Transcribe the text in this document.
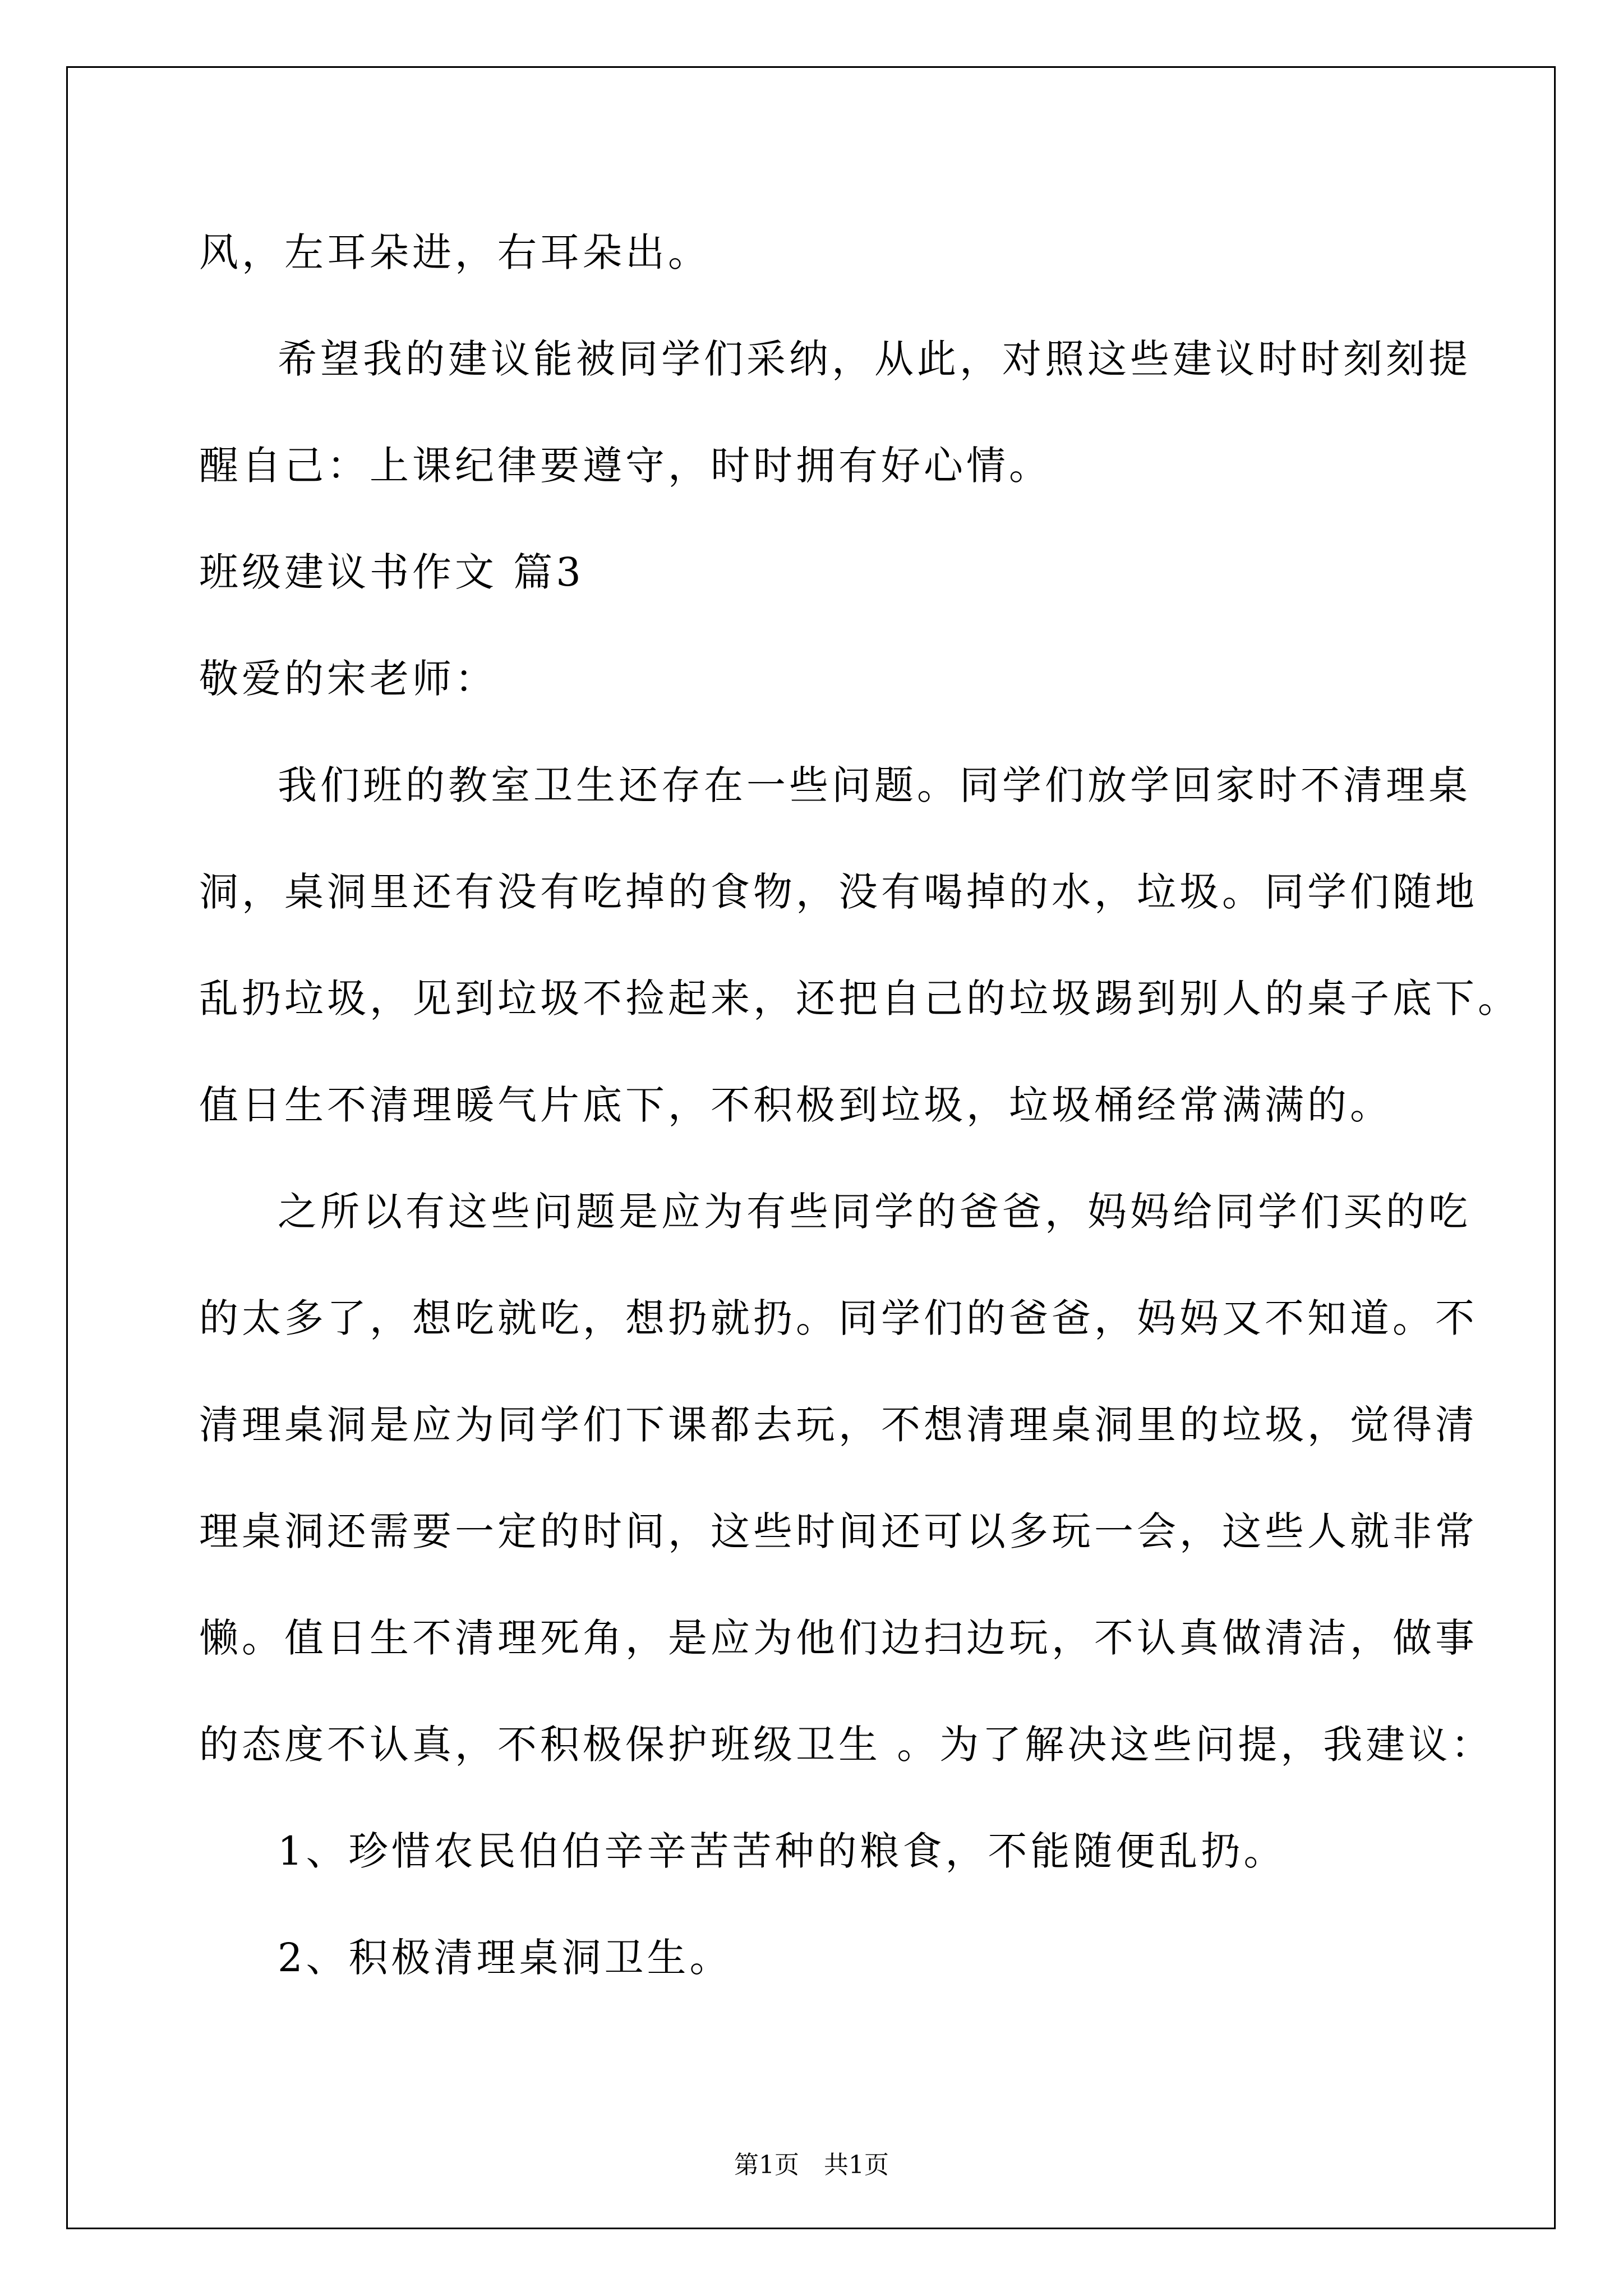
风，左耳朵进，右耳朵出。
希望我的建议能被同学们采纳，从此，对照这些建议时时刻刻提
醒自己：上课纪律要遵守，时时拥有好心情。
班级建议书作文 篇3
敬爱的宋老师：
我们班的教室卫生还存在一些问题。同学们放学回家时不清理桌
洞，桌洞里还有没有吃掉的食物，没有喝掉的水，垃圾。同学们随地
乱扔垃圾，见到垃圾不捡起来，还把自己的垃圾踢到别人的桌子底下。
值日生不清理暖气片底下，不积极到垃圾，垃圾桶经常满满的。
之所以有这些问题是应为有些同学的爸爸，妈妈给同学们买的吃
的太多了，想吃就吃，想扔就扔。同学们的爸爸，妈妈又不知道。不
清理桌洞是应为同学们下课都去玩，不想清理桌洞里的垃圾，觉得清
理桌洞还需要一定的时间，这些时间还可以多玩一会，这些人就非常
懒。值日生不清理死角，是应为他们边扫边玩，不认真做清洁，做事
的态度不认真，不积极保护班级卫生 。为了解决这些问提，我建议：
1、珍惜农民伯伯辛辛苦苦种的粮食，不能随便乱扔。
2、积极清理桌洞卫生。
第1页　共1页
